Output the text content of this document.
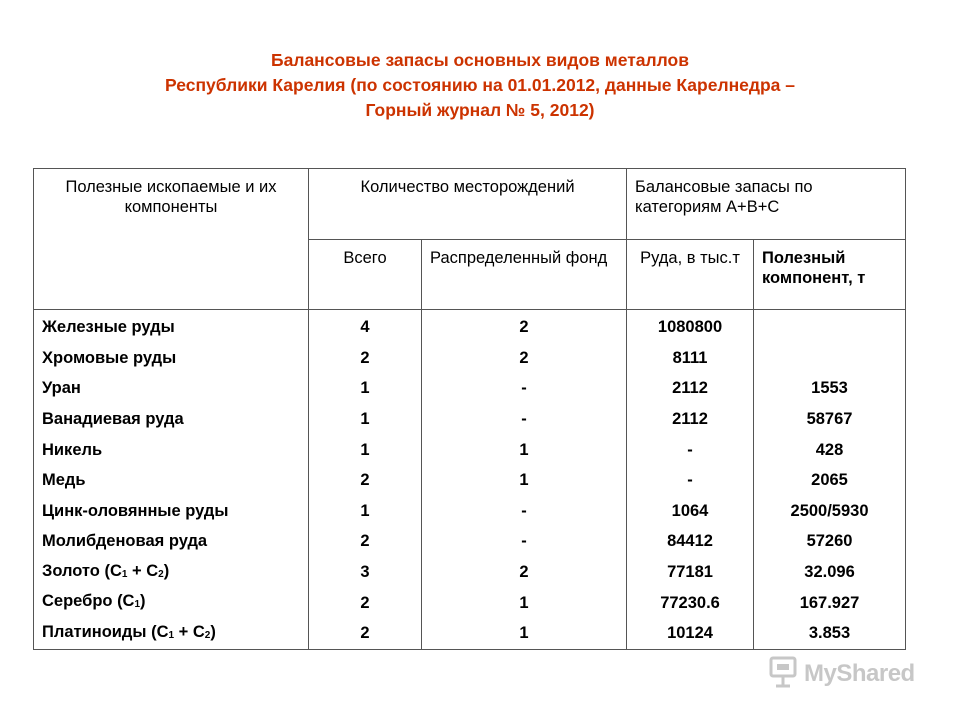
Балансовые запасы основных видов металлов
Республики Карелия (по состоянию на 01.01.2012, данные Карелнедра –
Горный журнал № 5, 2012)
Полезные ископаемые и их компоненты	Количество месторождений		Балансовые запасы по категориям А+В+С	
	Всего	Распределенный фонд	Руда, в тыс.т	Полезный компонент, т
Железные руды	4	2	1080800	
Хромовые руды	2	2	8111	
Уран	1	-	2112	1553
Ванадиевая руда	1	-	2112	58767
Никель	1	1	-	428
Медь	2	1	-	2065
Цинк-оловянные руды	1	-	1064	2500/5930
Молибденовая руда	2	-	84412	57260
Золото $(С_1 + С_2)$	3	2	77181	32.096
Серебро $(С_1)$	2	1	77230.6	167.927
Платиноиды $(С_1 + С_2)$	2	1	10124	3.853
MyShared
